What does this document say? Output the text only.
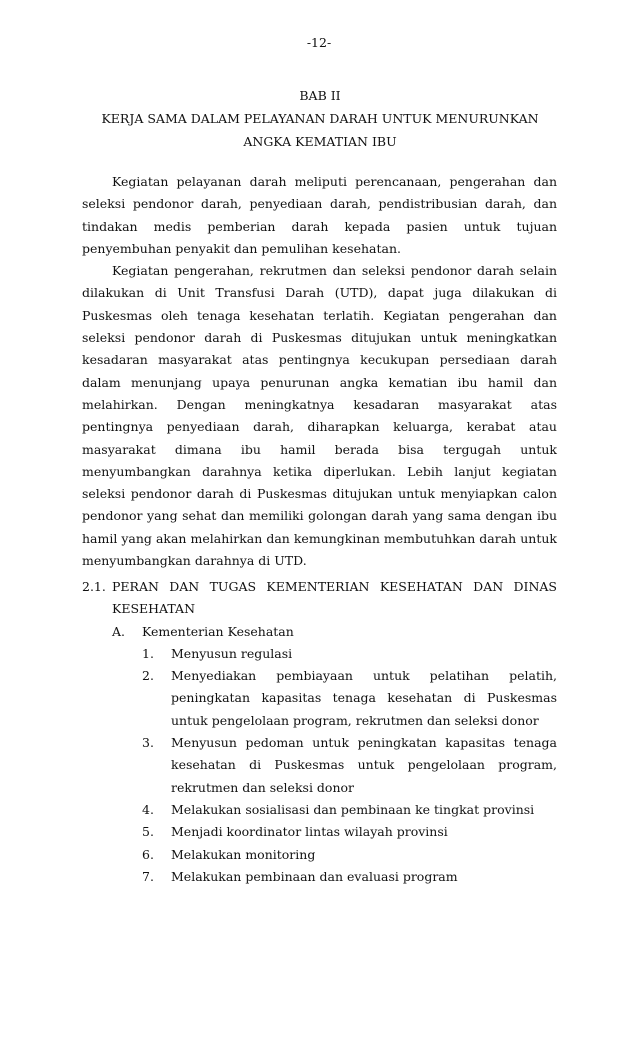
-12-
BAB II
KERJA SAMA DALAM PELAYANAN DARAH UNTUK MENURUNKAN
ANGKA KEMATIAN IBU

Kegiatan pelayanan darah meliputi perencanaan, pengerahan dan seleksi pendonor darah, penyediaan darah, pendistribusian darah, dan tindakan medis pemberian darah kepada pasien untuk tujuan penyembuhan penyakit dan pemulihan kesehatan.

Kegiatan pengerahan, rekrutmen dan seleksi pendonor darah selain dilakukan di Unit Transfusi Darah (UTD), dapat juga dilakukan di Puskesmas oleh tenaga kesehatan terlatih. Kegiatan pengerahan dan seleksi pendonor darah di Puskesmas ditujukan untuk meningkatkan kesadaran masyarakat atas pentingnya kecukupan persediaan darah dalam menunjang upaya penurunan angka kematian ibu hamil dan melahirkan. Dengan meningkatnya kesadaran masyarakat atas pentingnya penyediaan darah, diharapkan keluarga, kerabat atau masyarakat dimana ibu hamil berada bisa tergugah untuk menyumbangkan darahnya ketika diperlukan. Lebih lanjut kegiatan seleksi pendonor darah di Puskesmas ditujukan untuk menyiapkan calon pendonor yang sehat dan memiliki golongan darah yang sama dengan ibu hamil yang akan melahirkan dan kemungkinan membutuhkan darah untuk menyumbangkan darahnya di UTD.

2.1. PERAN DAN TUGAS KEMENTERIAN KESEHATAN DAN DINAS KESEHATAN
A. Kementerian Kesehatan
1. Menyusun regulasi
2. Menyediakan pembiayaan untuk pelatihan pelatih, peningkatan kapasitas tenaga kesehatan di Puskesmas untuk pengelolaan program, rekrutmen dan seleksi donor
3. Menyusun pedoman untuk peningkatan kapasitas tenaga kesehatan di Puskesmas untuk pengelolaan program, rekrutmen dan seleksi donor
4. Melakukan sosialisasi dan pembinaan ke tingkat provinsi
5. Menjadi koordinator lintas wilayah provinsi
6. Melakukan monitoring
7. Melakukan pembinaan dan evaluasi program
